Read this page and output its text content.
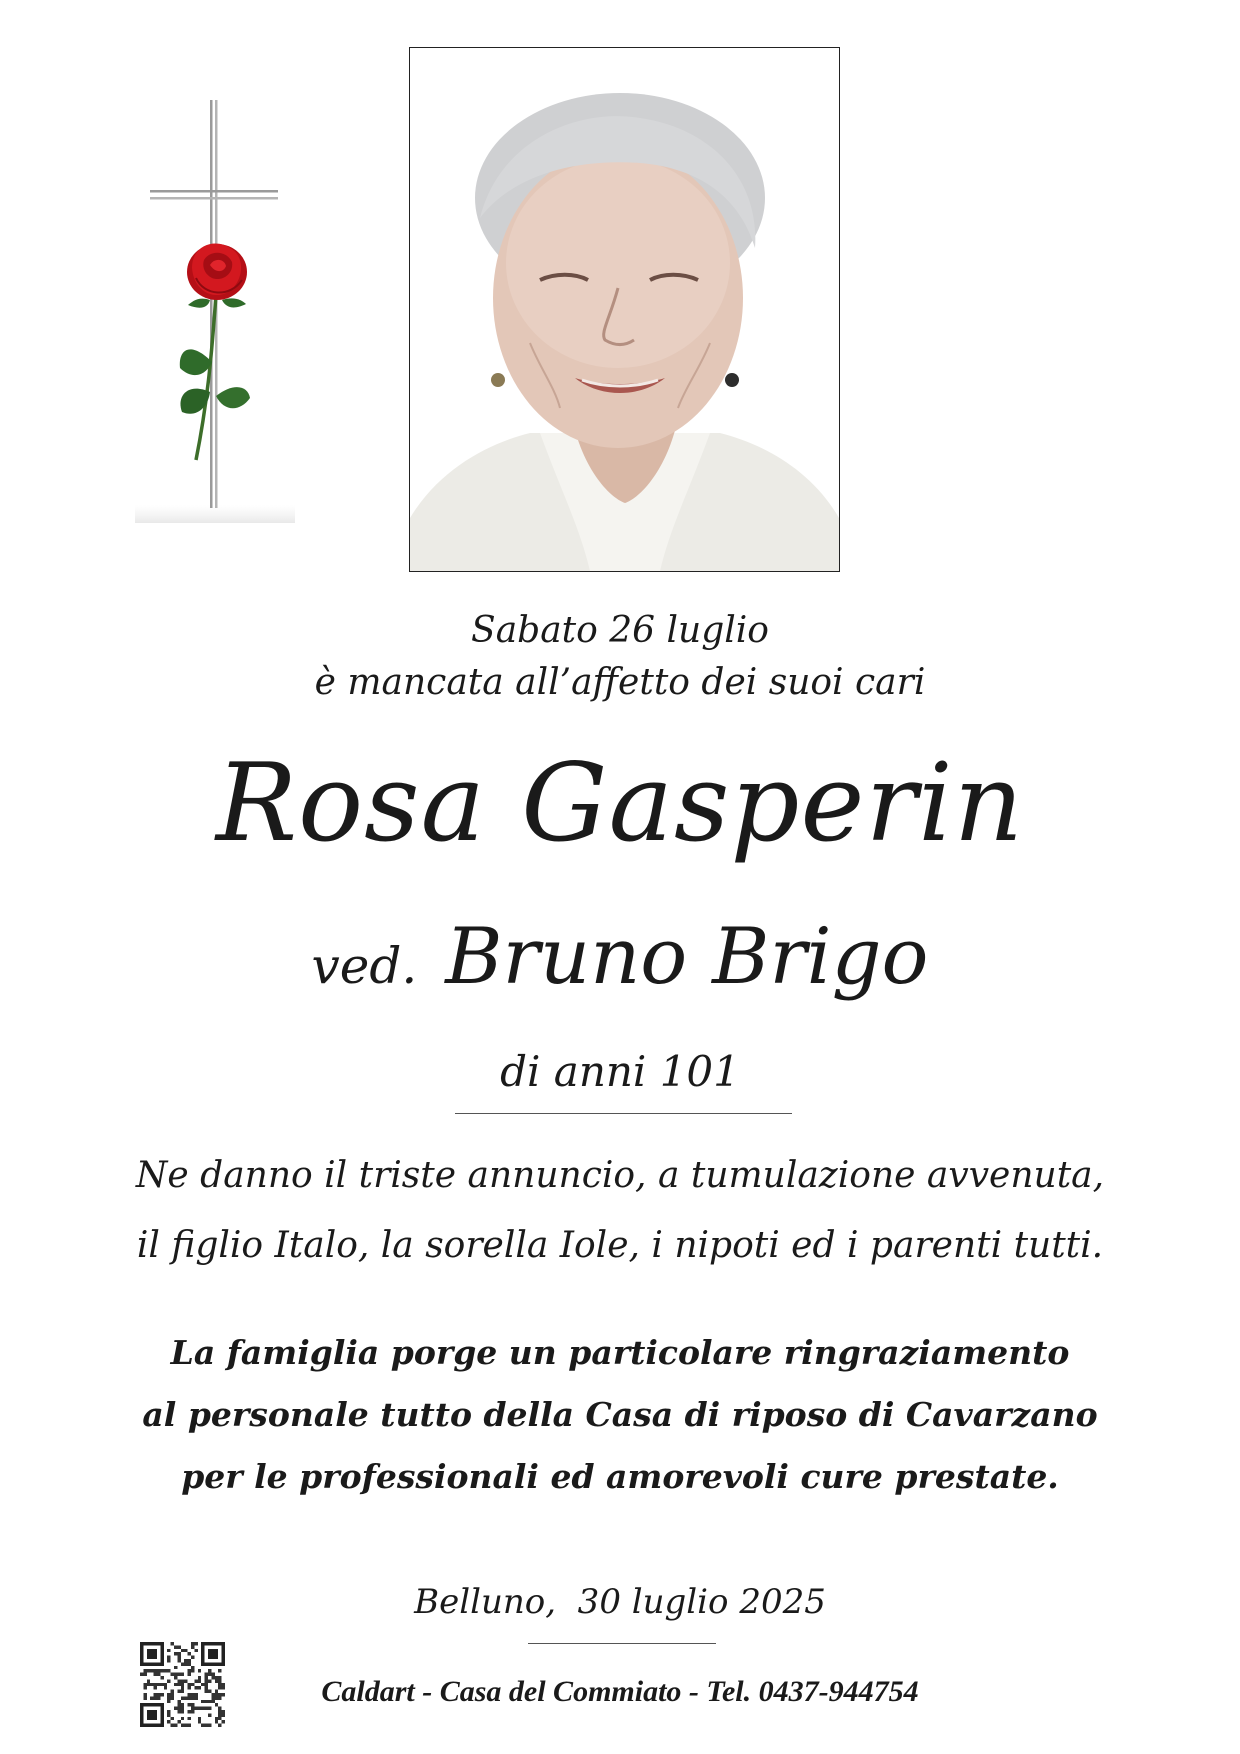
Sabato 26 luglio
è mancata all’affetto dei suoi cari
Rosa Gasperin
ved. Bruno Brigo
di anni 101
Ne danno il triste annuncio, a tumulazione avvenuta,
il figlio Italo, la sorella Iole, i nipoti ed i parenti tutti.
La famiglia porge un particolare ringraziamento
al personale tutto della Casa di riposo di Cavarzano
per le professionali ed amorevoli cure prestate.
Belluno,  30 luglio 2025
Caldart - Casa del Commiato - Tel. 0437-944754
